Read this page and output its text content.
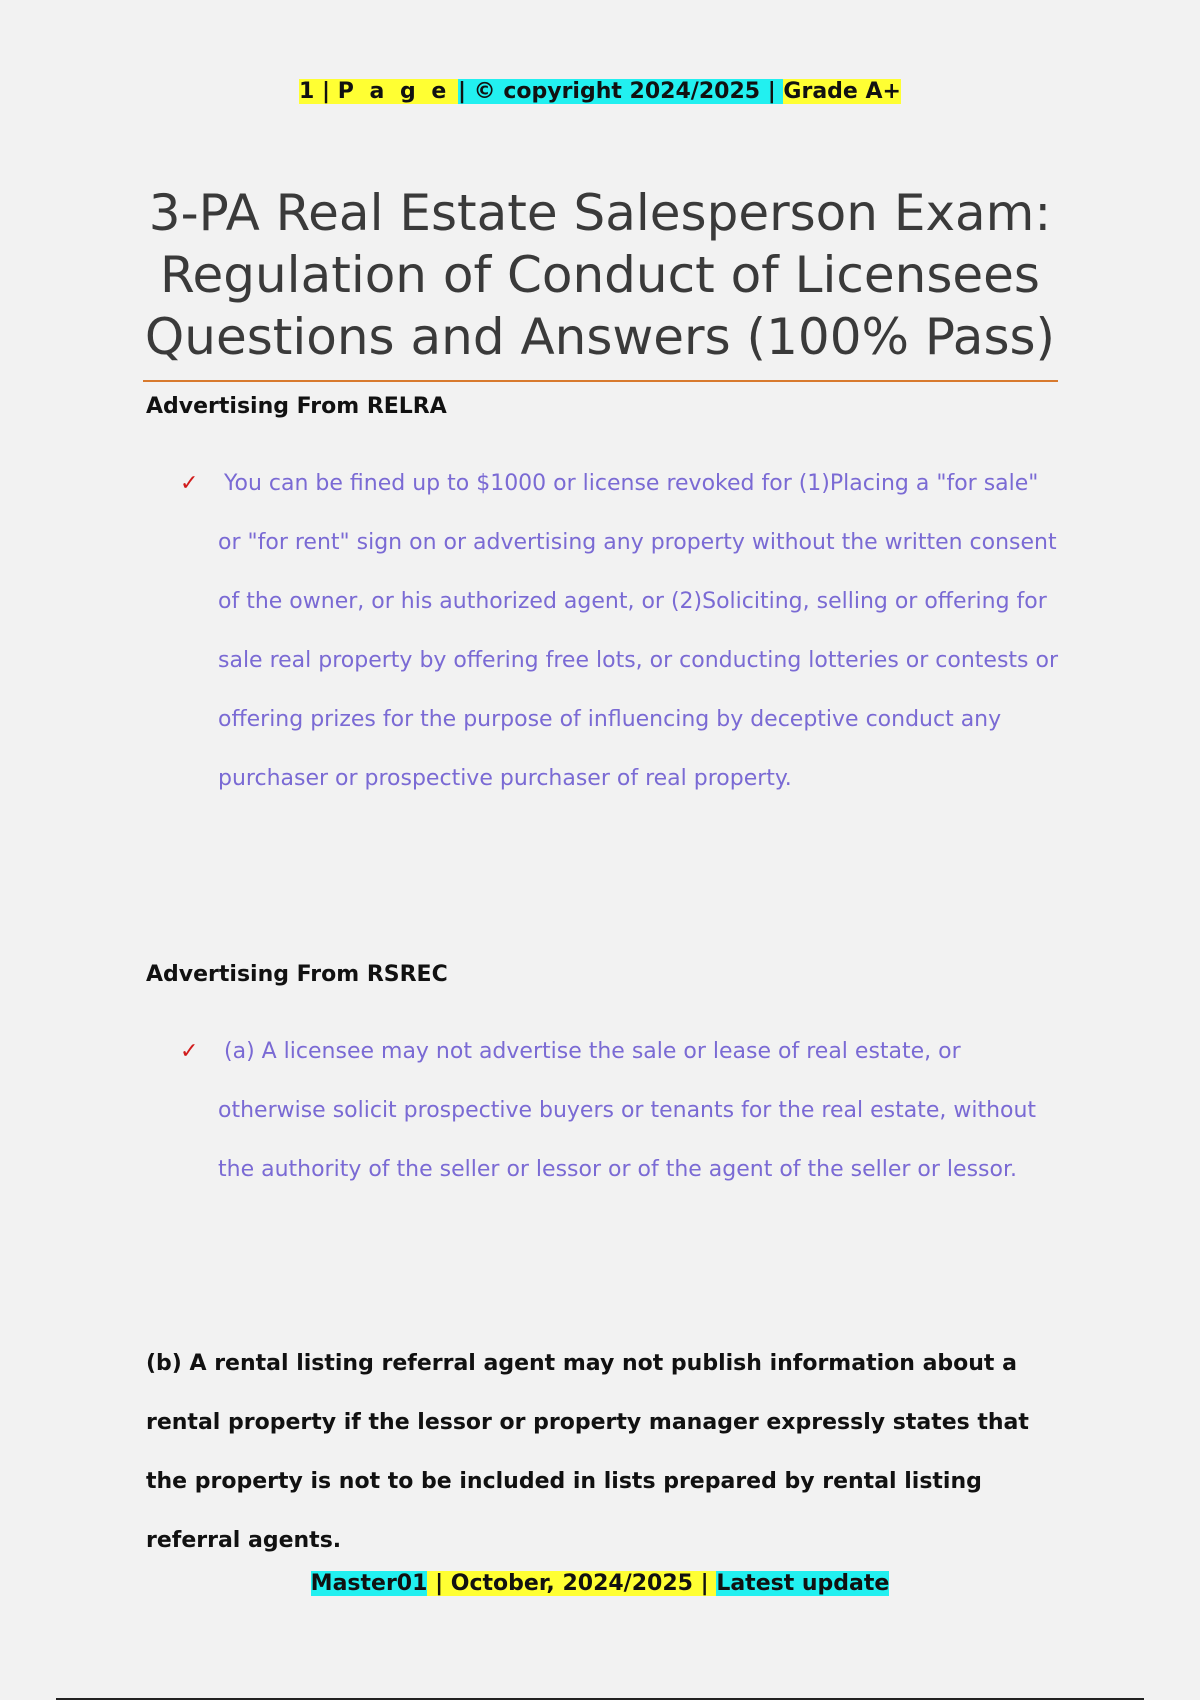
1 | P a g e | © copyright 2024/2025 | Grade A+
3-PA Real Estate Salesperson Exam:
Regulation of Conduct of Licensees
Questions and Answers (100% Pass)
Advertising From RELRA
✓ You can be fined up to $1000 or license revoked for (1)Placing a "for sale" or "for rent" sign on or advertising any property without the written consent of the owner, or his authorized agent, or (2)Soliciting, selling or offering for sale real property by offering free lots, or conducting lotteries or contests or offering prizes for the purpose of influencing by deceptive conduct any purchaser or prospective purchaser of real property.
Advertising From RSREC
✓ (a) A licensee may not advertise the sale or lease of real estate, or otherwise solicit prospective buyers or tenants for the real estate, without the authority of the seller or lessor or of the agent of the seller or lessor.
(b) A rental listing referral agent may not publish information about a rental property if the lessor or property manager expressly states that the property is not to be included in lists prepared by rental listing referral agents.
Master01 | October, 2024/2025 | Latest update
